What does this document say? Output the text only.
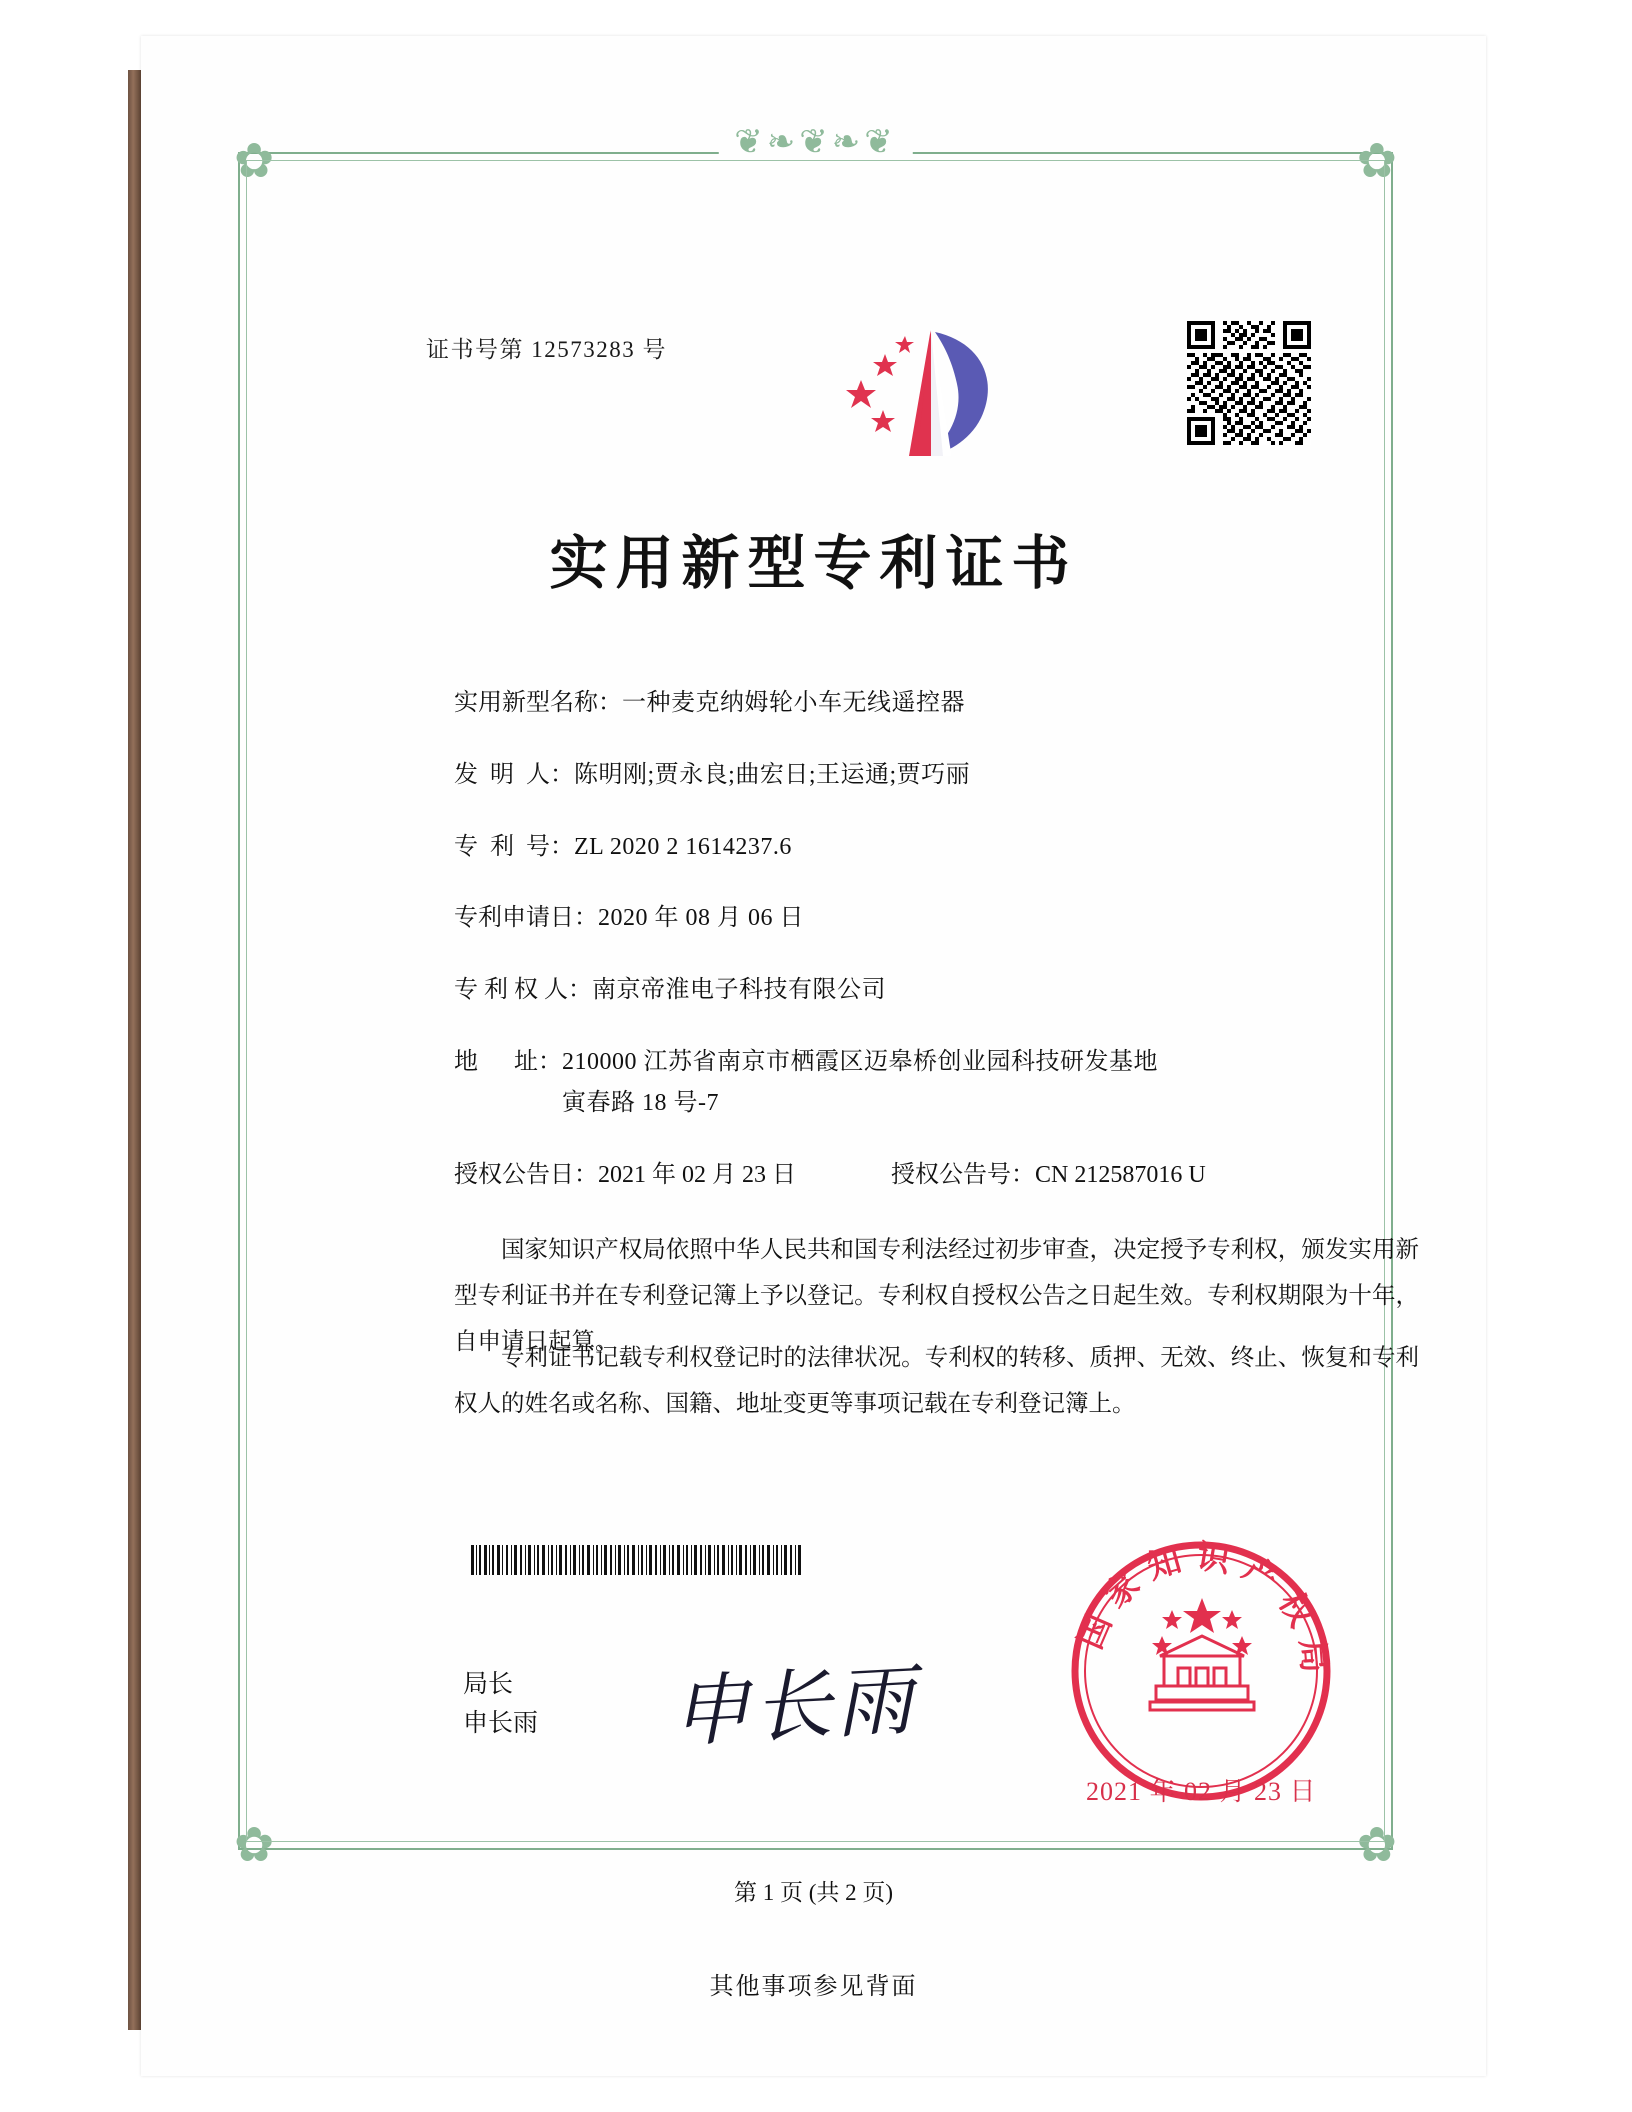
❦❧❦❧❦
✿	✿
✿	✿
证书号第 12573283 号
实用新型专利证书
实用新型名称： 一种麦克纳姆轮小车无线遥控器
发  明  人： 陈明刚;贾永良;曲宏日;王运通;贾巧丽
专  利  号： ZL 2020 2 1614237.6
专利申请日： 2020 年 08 月 06 日
专 利 权 人： 南京帝淮电子科技有限公司
地      址： 210000 江苏省南京市栖霞区迈皋桥创业园科技研发基地
寅春路 18 号-7
授权公告日： 2021 年 02 月 23 日	授权公告号： CN 212587016 U
国家知识产权局依照中华人民共和国专利法经过初步审查，决定授予专利权，颁发实用新型专利证书并在专利登记簿上予以登记。专利权自授权公告之日起生效。专利权期限为十年，自申请日起算。
专利证书记载专利权登记时的法律状况。专利权的转移、质押、无效、终止、恢复和专利权人的姓名或名称、国籍、地址变更等事项记载在专利登记簿上。
局长
申长雨 申长雨
国家知识产权局
2021 年 02 月 23 日
第 1 页 (共 2 页)
其他事项参见背面
